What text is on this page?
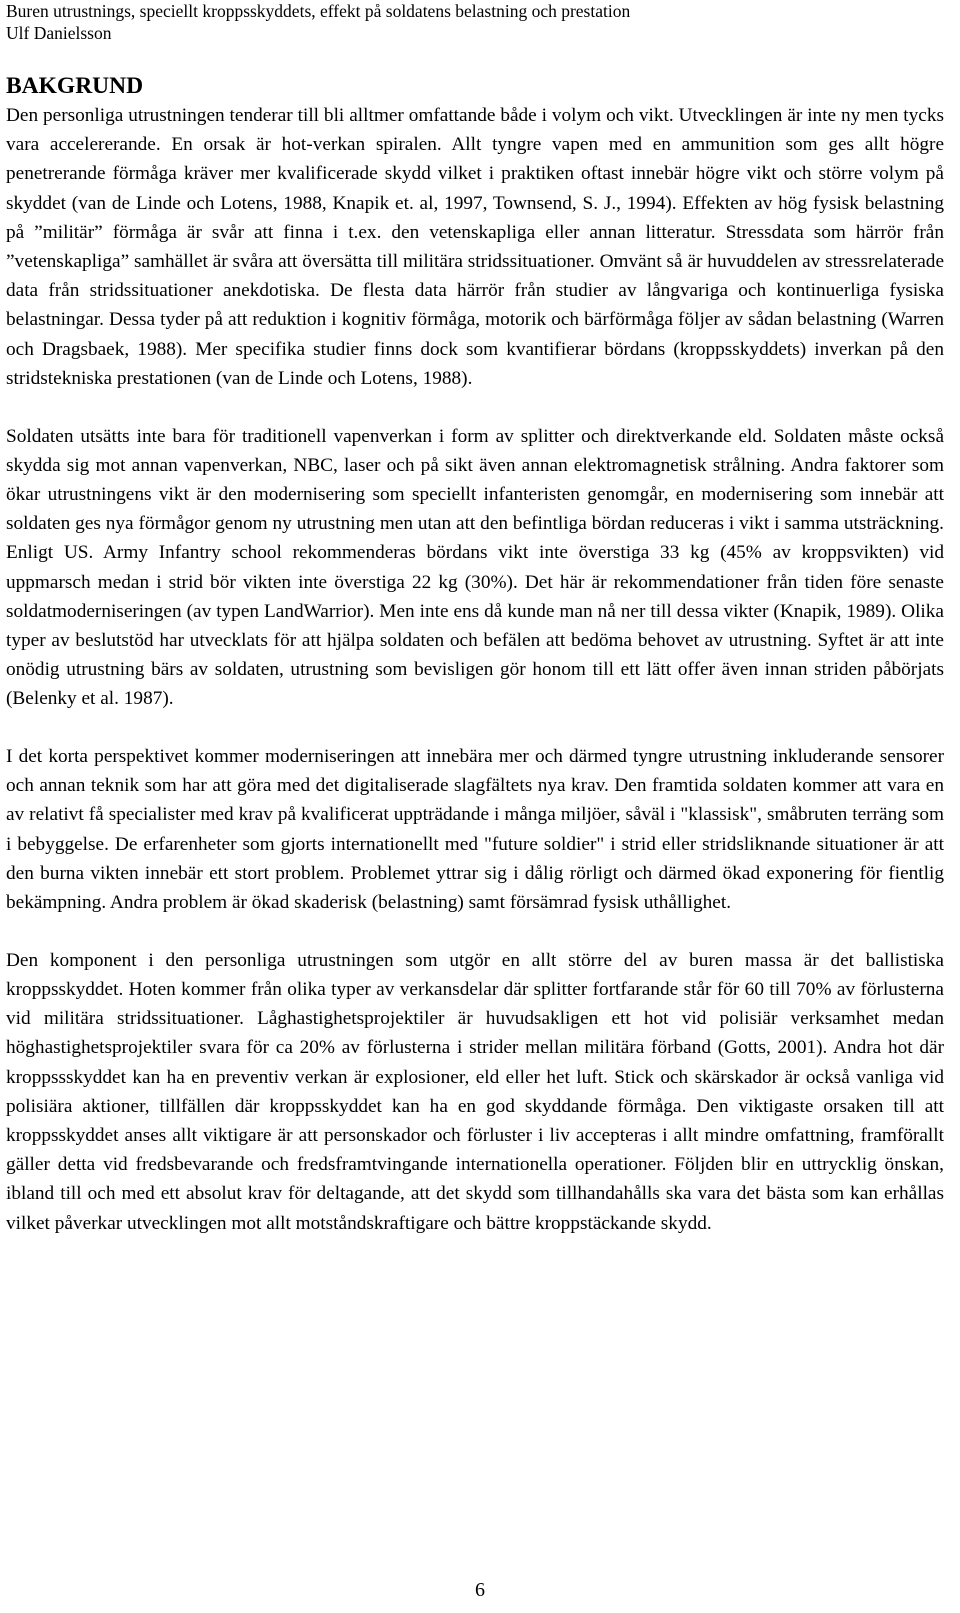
Buren utrustnings, speciellt kroppsskyddets, effekt på soldatens belastning och prestation
Ulf Danielsson
BAKGRUND

Den personliga utrustningen tenderar till bli alltmer omfattande både i volym och vikt. Utvecklingen är inte ny men tycks vara accelererande. En orsak är hot-verkan spiralen. Allt tyngre vapen med en ammunition som ges allt högre penetrerande förmåga kräver mer kvalificerade skydd vilket i praktiken oftast innebär högre vikt och större volym på skyddet (van de Linde och Lotens, 1988, Knapik et. al, 1997, Townsend, S. J., 1994). Effekten av hög fysisk belastning på ”militär” förmåga är svår att finna i t.ex. den vetenskapliga eller annan litteratur. Stressdata som härrör från ”vetenskapliga” samhället är svåra att översätta till militära stridssituationer. Omvänt så är huvuddelen av stressrelaterade data från stridssituationer anekdotiska. De flesta data härrör från studier av långvariga och kontinuerliga fysiska belastningar. Dessa tyder på att reduktion i kognitiv förmåga, motorik och bärförmåga följer av sådan belastning (Warren och Dragsbaek, 1988). Mer specifika studier finns dock som kvantifierar bördans (kroppsskyddets) inverkan på den stridstekniska prestationen (van de Linde och Lotens, 1988).

Soldaten utsätts inte bara för traditionell vapenverkan i form av splitter och direktverkande eld. Soldaten måste också skydda sig mot annan vapenverkan, NBC, laser och på sikt även annan elektromagnetisk strålning. Andra faktorer som ökar utrustningens vikt är den modernisering som speciellt infanteristen genomgår, en modernisering som innebär att soldaten ges nya förmågor genom ny utrustning men utan att den befintliga bördan reduceras i vikt i samma utsträckning. Enligt US. Army Infantry school rekommenderas bördans vikt inte överstiga 33 kg (45% av kroppsvikten) vid uppmarsch medan i strid bör vikten inte överstiga 22 kg (30%). Det här är rekommendationer från tiden före senaste soldatmoderniseringen (av typen LandWarrior). Men inte ens då kunde man nå ner till dessa vikter (Knapik, 1989). Olika typer av beslutstöd har utvecklats för att hjälpa soldaten och befälen att bedöma behovet av utrustning. Syftet är att inte onödig utrustning bärs av soldaten, utrustning som bevisligen gör honom till ett lätt offer även innan striden påbörjats (Belenky et al. 1987).

I det korta perspektivet kommer moderniseringen att innebära mer och därmed tyngre utrustning inkluderande sensorer och annan teknik som har att göra med det digitaliserade slagfältets nya krav. Den framtida soldaten kommer att vara en av relativt få specialister med krav på kvalificerat uppträdande i många miljöer, såväl i "klassisk", småbruten terräng som i bebyggelse. De erfarenheter som gjorts internationellt med "future soldier" i strid eller stridsliknande situationer är att den burna vikten innebär ett stort problem. Problemet yttrar sig i dålig rörligt och därmed ökad exponering för fientlig bekämpning. Andra problem är ökad skaderisk (belastning) samt försämrad fysisk uthållighet.

Den komponent i den personliga utrustningen som utgör en allt större del av buren massa är det ballistiska kroppsskyddet. Hoten kommer från olika typer av verkansdelar där splitter fortfarande står för 60 till 70% av förlusterna vid militära stridssituationer. Låghastighetsprojektiler är huvudsakligen ett hot vid polisiär verksamhet medan höghastighetsprojektiler svara för ca 20% av förlusterna i strider mellan militära förband (Gotts, 2001). Andra hot där kroppssskyddet kan ha en preventiv verkan är explosioner, eld eller het luft. Stick och skärskador är också vanliga vid polisiära aktioner, tillfällen där kroppsskyddet kan ha en god skyddande förmåga. Den viktigaste orsaken till att kroppsskyddet anses allt viktigare är att personskador och förluster i liv accepteras i allt mindre omfattning, framförallt gäller detta vid fredsbevarande och fredsframtvingande internationella operationer. Följden blir en uttrycklig önskan, ibland till och med ett absolut krav för deltagande, att det skydd som tillhandahålls ska vara det bästa som kan erhållas vilket påverkar utvecklingen mot allt motståndskraftigare och bättre kroppstäckande skydd.

6
